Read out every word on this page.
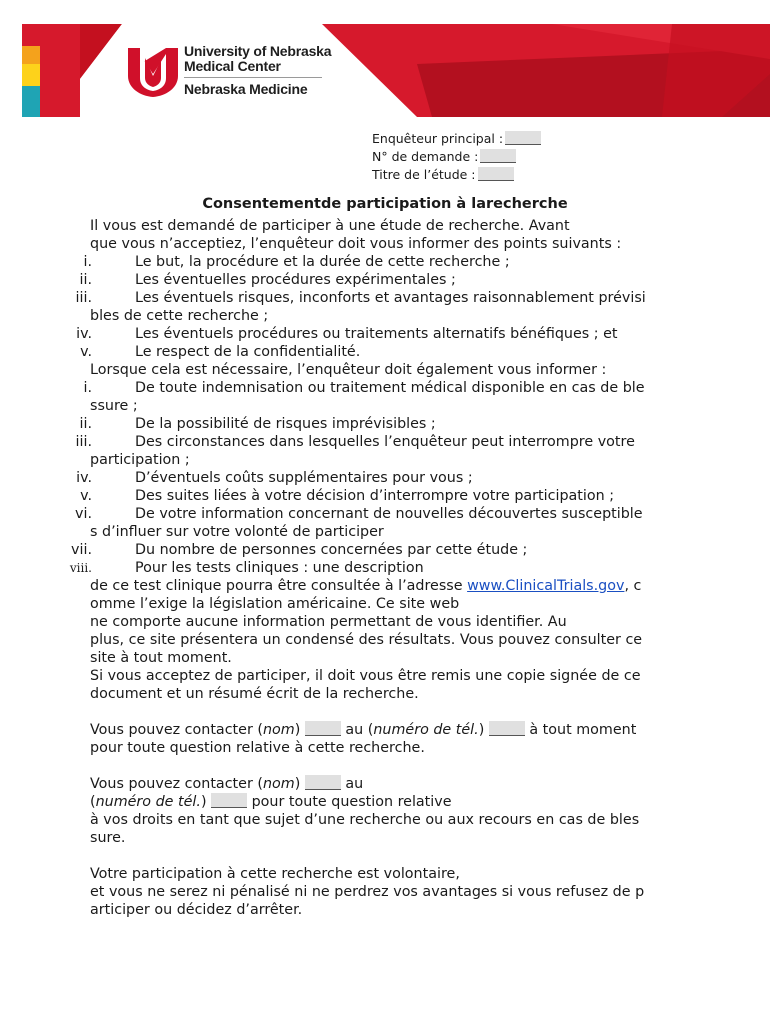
University of Nebraska
Medical Center
Nebraska Medicine
Enquêteur principal :
N° de demande :
Titre de l’étude :
Consentementde participation à larecherche
Il vous est demandé de participer à une étude de recherche. Avant
que vous n’acceptiez, l’enquêteur doit vous informer des points suivants :
i.	Le but, la procédure et la durée de cette recherche ;
ii.	Les éventuelles procédures expérimentales ;
iii.	Les éventuels risques, inconforts et avantages raisonnablement prévisi
bles de cette recherche ;
iv.	Les éventuels procédures ou traitements alternatifs bénéfiques ; et
v.	Le respect de la confidentialité.
Lorsque cela est nécessaire, l’enquêteur doit également vous informer :
i.	De toute indemnisation ou traitement médical disponible en cas de ble
ssure ;
ii.	De la possibilité de risques imprévisibles ;
iii.	Des circonstances dans lesquelles l’enquêteur peut interrompre votre
participation ;
iv.	D’éventuels coûts supplémentaires pour vous ;
v.	Des suites liées à votre décision d’interrompre votre participation ;
vi.	De votre information concernant de nouvelles découvertes susceptible
s d’influer sur votre volonté de participer
vii.	Du nombre de personnes concernées par cette étude ;
viii.	Pour les tests cliniques : une description
de ce test clinique pourra être consultée à l’adresse www.ClinicalTrials.gov, c
omme l’exige la législation américaine. Ce site web
ne comporte aucune information permettant de vous identifier. Au
plus, ce site présentera un condensé des résultats. Vous pouvez consulter ce
site à tout moment.
Si vous acceptez de participer, il doit vous être remis une copie signée de ce
document et un résumé écrit de la recherche.
Vous pouvez contacter (nom)	au (numéro de tél.)	à tout moment
pour toute question relative à cette recherche.
Vous pouvez contacter (nom)	au
(numéro de tél.)	pour toute question relative
à vos droits en tant que sujet d’une recherche ou aux recours en cas de bles
sure.
Votre participation à cette recherche est volontaire,
et vous ne serez ni pénalisé ni ne perdrez vos avantages si vous refusez de p
articiper ou décidez d’arrêter.
